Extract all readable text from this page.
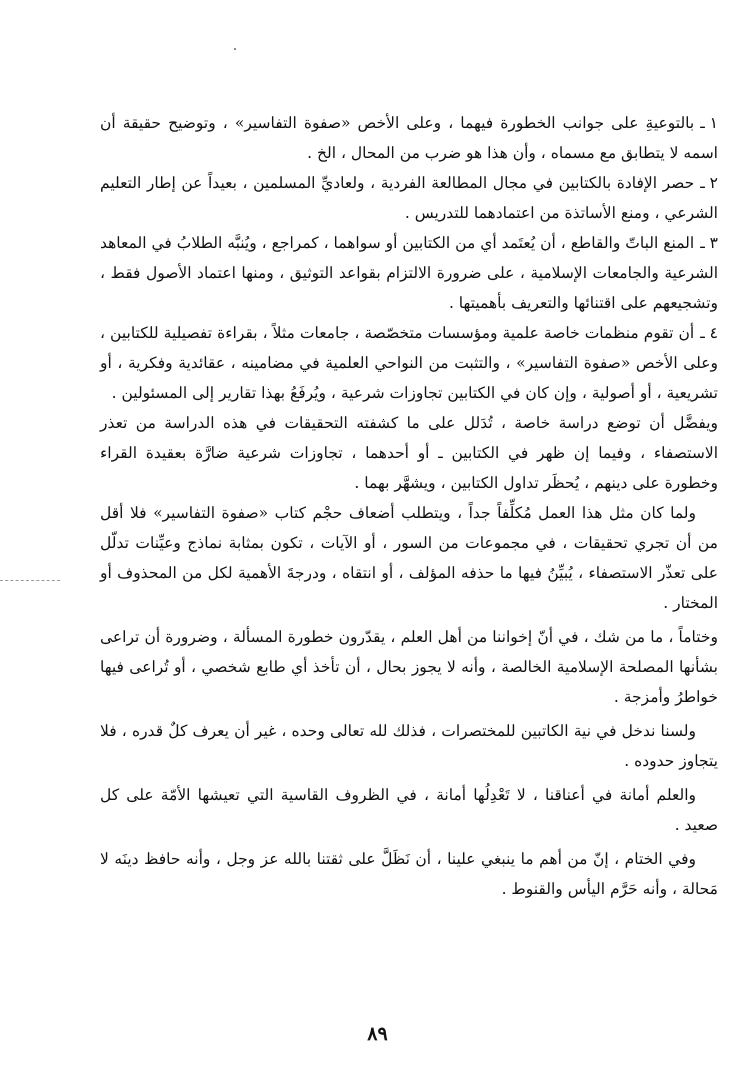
١ ـبالتوعيةِ على جوانب الخطورة فيهما ، وعلى الأخص «صفوة التفاسير» ، وتوضيح حقيقة أن اسمه لا يتطابق مع مسماه ، وأن هذا هو ضرب من المحال ، الخ .

٢ ـحصر الإفادة بالكتابين في مجال المطالعة الفردية ، ولعاديِّ المسلمين ، بعيداً عن إطار التعليم الشرعي ، ومنع الأساتذة من اعتمادهما للتدريس .

٣ ـالمنع الباتّ والقاطع ، أن يُعتَمد أي من الكتابين أو سواهما ، كمراجع ، ويُنبَّه الطلابُ في المعاهد الشرعية والجامعات الإسلامية ، على ضرورة الالتزام بقواعد التوثيق ، ومنها اعتماد الأصول فقط ، وتشجيعهم على اقتنائها والتعريف بأهميتها .

٤ ـأن تقوم منظمات خاصة علمية ومؤسسات متخصّصة ، جامعات مثلاً ، بقراءة تفصيلية للكتابين ، وعلى الأخص «صفوة التفاسير» ، والتثبت من النواحي العلمية في مضامينه ، عقائدية وفكرية ، أو تشريعية ، أو أصولية ، وإن كان في الكتابين تجاوزات شرعية ، ويُرفَعُ بهذا تقارير إلى المسئولين .

ويفضَّل أن توضع دراسة خاصة ، تُدَلل على ما كشفته التحقيقات في هذه الدراسة من تعذر الاستصفاء ، وفيما إن ظهر في الكتابين ـ أو أحدهما ، تجاوزات شرعية ضارَّة بعقيدة القراء وخطورة على دينهم ، يُحظَر تداول الكتابين ، ويشهَّر بهما .

ولما كان مثل هذا العمل مُكلِّفاً جداً ، ويتطلب أضعاف حجْم كتاب «صفوة التفاسير» فلا أقل من أن تجري تحقيقات ، في مجموعات من السور ، أو الآيات ، تكون بمثابة نماذج وعيِّنات تدلّل على تعذّر الاستصفاء ، يُبيِّنُ فيها ما حذفه المؤلف ، أو انتقاه ، ودرجةَ الأهمية لكل من المحذوف أو المختار .

وختاماً ، ما من شك ، في أنّ إخواننا من أهل العلم ، يقدّرون خطورة المسألة ، وضرورة أن تراعى بشأنها المصلحة الإسلامية الخالصة ، وأنه لا يجوز بحال ، أن تأخذ أي طابع شخصي ، أو تُراعى فيها خواطرُ وأمزجة .

ولسنا ندخل في نية الكاتبين للمختصرات ، فذلك لله تعالى وحده ، غير أن يعرف كلٌ قدره ، فلا يتجاوز حدوده .

والعلم أمانة في أعناقنا ، لا تَعْدِلُها أمانة ، في الظروف القاسية التي تعيشها الأمّة على كل صعيد .

وفي الختام ، إنّ من أهم ما ينبغي علينا ، أن نَظَلَّ على ثقتنا بالله عز وجل ، وأنه حافظ دينَه لا مَحالة ، وأنه حَرَّم اليأس والقنوط .

٨٩
